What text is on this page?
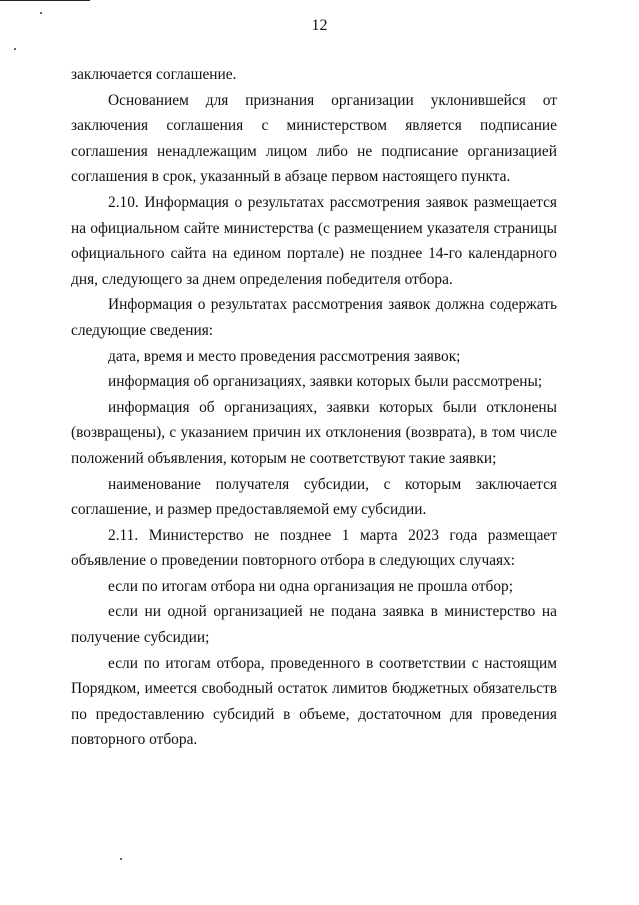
12

заключается соглашение.

Основанием для признания организации уклонившейся от заключения соглашения с министерством является подписание соглашения ненадлежащим лицом либо не подписание организацией соглашения в срок, указанный в абзаце первом настоящего пункта.

2.10. Информация о результатах рассмотрения заявок размещается на официальном сайте министерства (с размещением указателя страницы официального сайта на едином портале) не позднее 14-го календарного дня, следующего за днем определения победителя отбора.

Информация о результатах рассмотрения заявок должна содержать следующие сведения:

дата, время и место проведения рассмотрения заявок;

информация об организациях, заявки которых были рассмотрены;

информация об организациях, заявки которых были отклонены (возвращены), с указанием причин их отклонения (возврата), в том числе положений объявления, которым не соответствуют такие заявки;

наименование получателя субсидии, с которым заключается соглашение, и размер предоставляемой ему субсидии.

2.11. Министерство не позднее 1 марта 2023 года размещает объявление о проведении повторного отбора в следующих случаях:

если по итогам отбора ни одна организация не прошла отбор;

если ни одной организацией не подана заявка в министерство на получение субсидии;

если по итогам отбора, проведенного в соответствии с настоящим Порядком, имеется свободный остаток лимитов бюджетных обязательств по предоставлению субсидий в объеме, достаточном для проведения повторного отбора.
